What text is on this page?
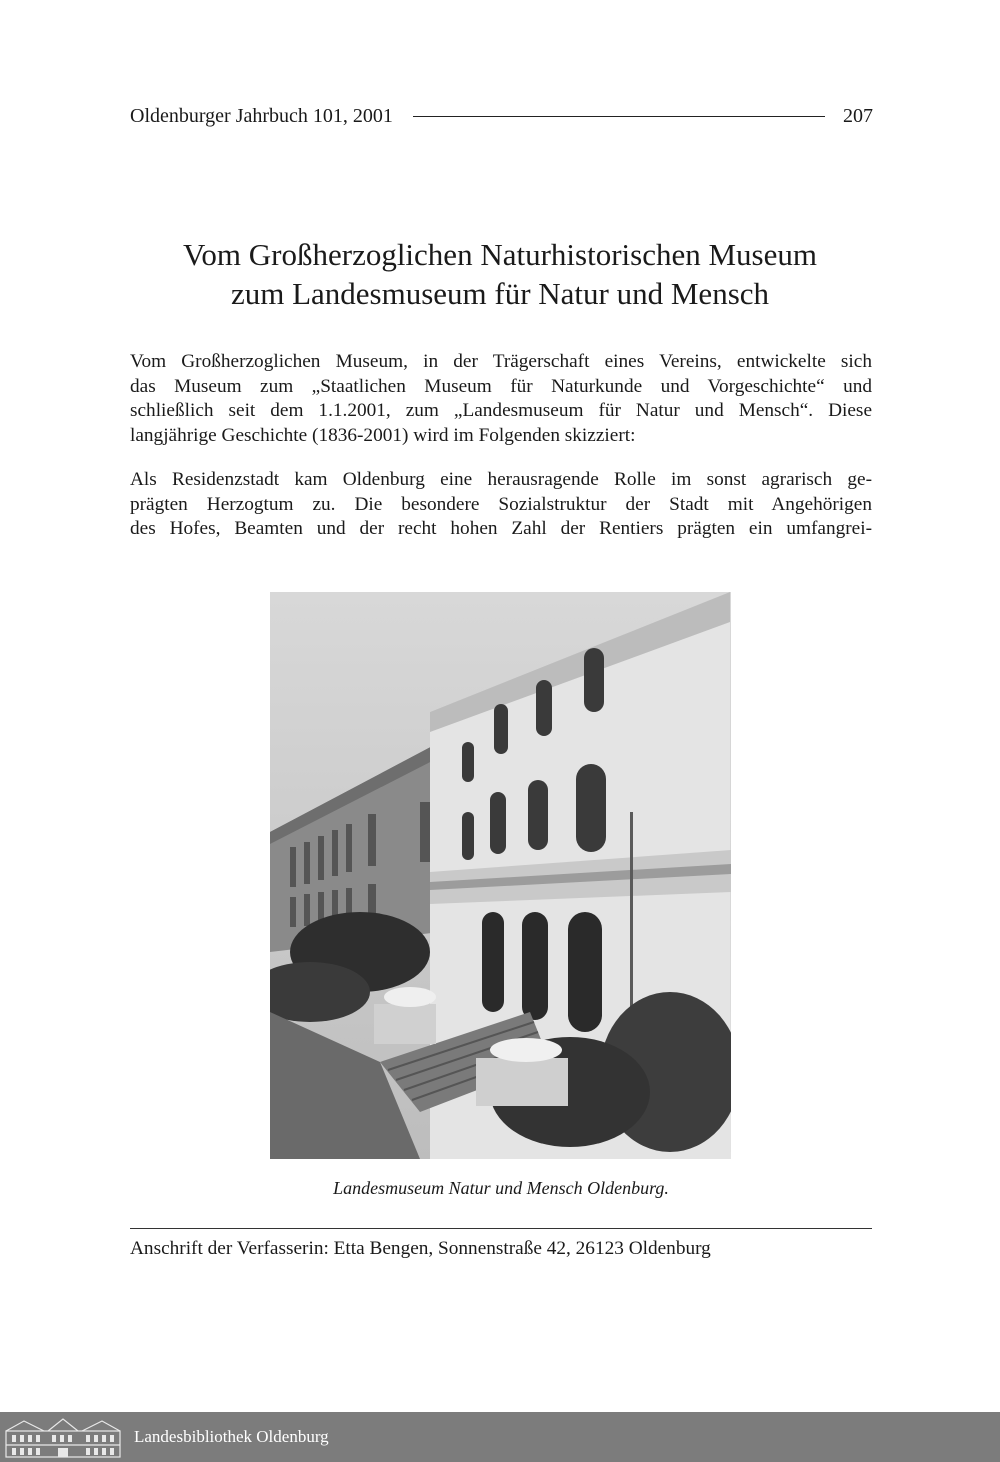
Oldenburger Jahrbuch 101, 2001	207
Vom Großherzoglichen Naturhistorischen Museum
zum Landesmuseum für Natur und Mensch

Vom Großherzoglichen Museum, in der Trägerschaft eines Vereins, entwickelte sich
das Museum zum „Staatlichen Museum für Naturkunde und Vorgeschichte“ und
schließlich seit dem 1.1.2001, zum „Landesmuseum für Natur und Mensch“. Diese
langjährige Geschichte (1836-2001) wird im Folgenden skizziert:

Als Residenzstadt kam Oldenburg eine herausragende Rolle im sonst agrarisch ge-
prägten Herzogtum zu. Die besondere Sozialstruktur der Stadt mit Angehörigen
des Hofes, Beamten und der recht hohen Zahl der Rentiers prägten ein umfangrei-

Landesmuseum Natur und Mensch Oldenburg.
Anschrift der Verfasserin: Etta Bengen, Sonnenstraße 42, 26123 Oldenburg
Landesbibliothek Oldenburg
